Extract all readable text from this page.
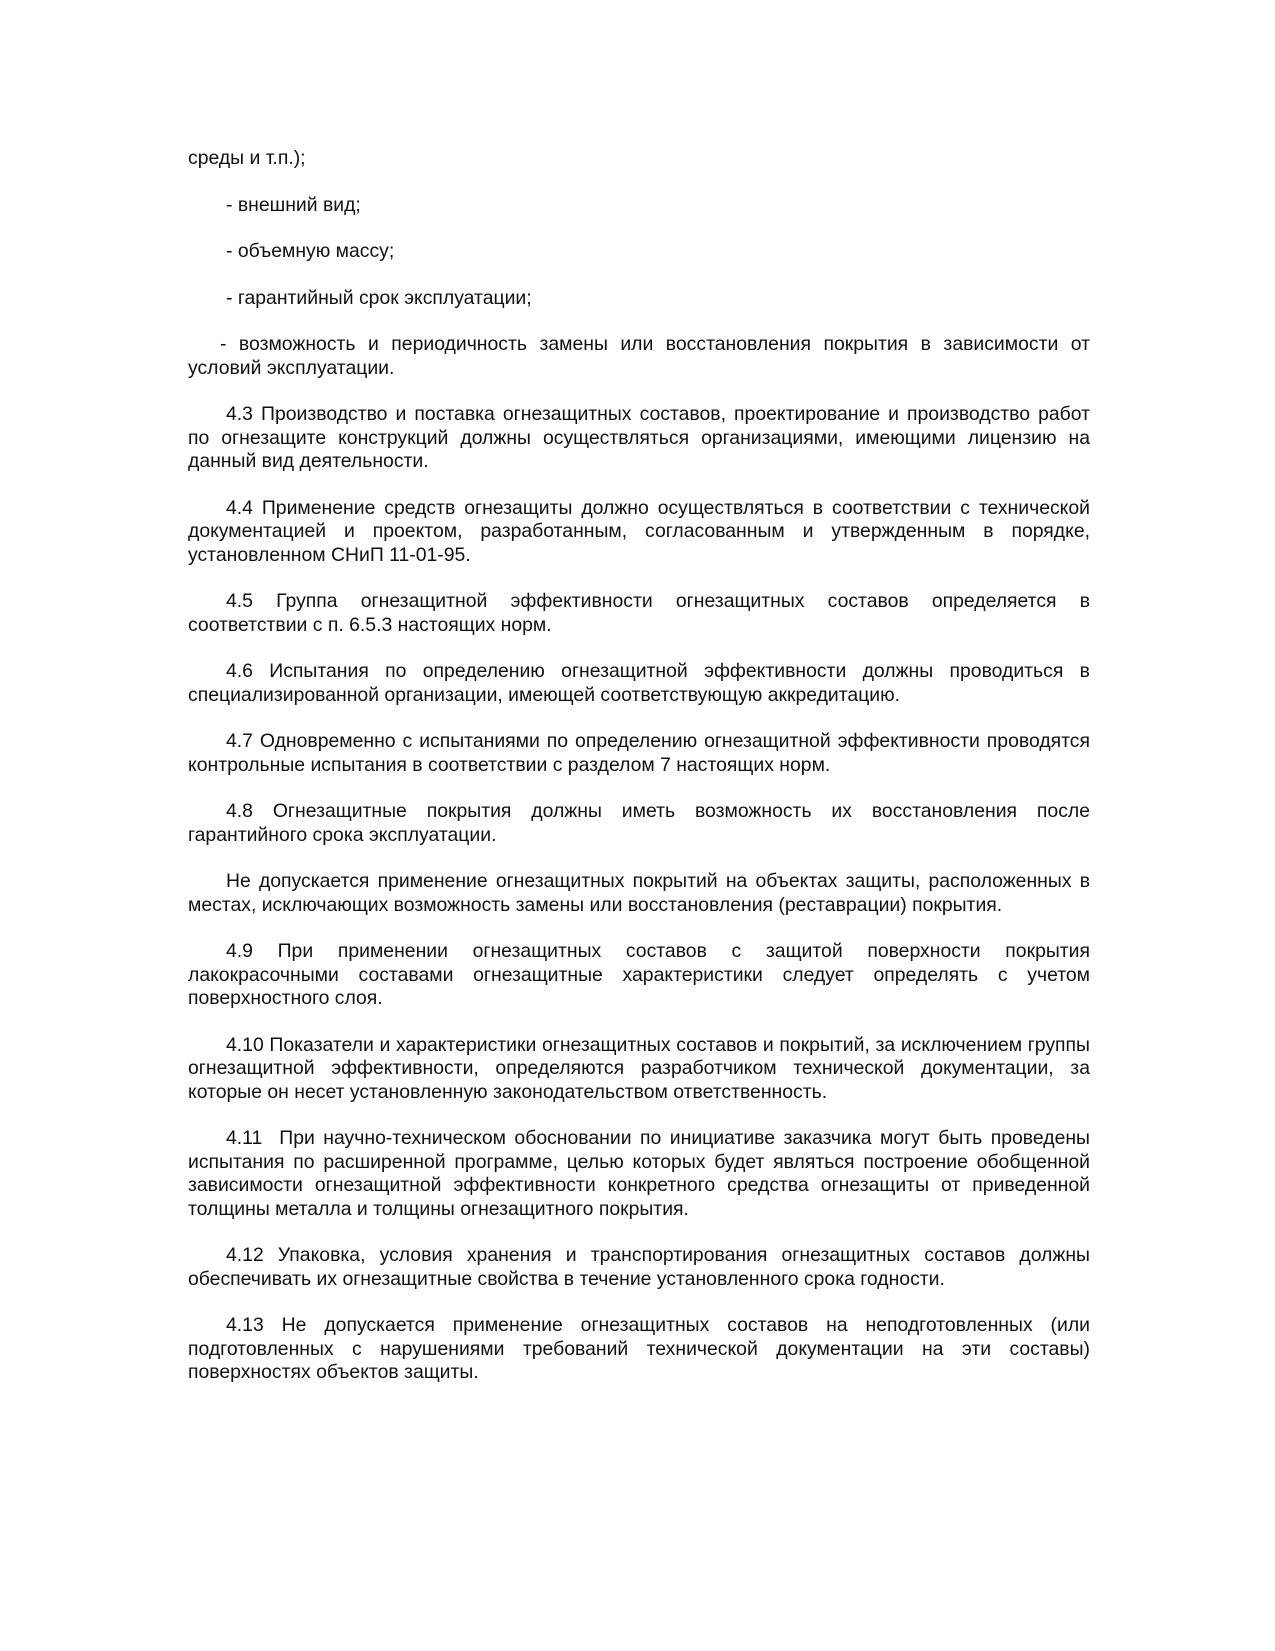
среды и т.п.);

- внешний вид;

- объемную массу;

- гарантийный срок эксплуатации;

- возможность и периодичность замены или восстановления покрытия в зависимости от условий эксплуатации.

4.3 Производство и поставка огнезащитных составов, проектирование и производство работ по огнезащите конструкций должны осуществляться организациями, имеющими лицензию на данный вид деятельности.

4.4 Применение средств огнезащиты должно осуществляться в соответствии с технической документацией и проектом, разработанным, согласованным и утвержденным в порядке, установленном СНиП 11-01-95.

4.5 Группа огнезащитной эффективности огнезащитных составов определяется в соответствии с п. 6.5.3 настоящих норм.

4.6 Испытания по определению огнезащитной эффективности должны проводиться в специализированной организации, имеющей соответствующую аккредитацию.

4.7 Одновременно с испытаниями по определению огнезащитной эффективности проводятся контрольные испытания в соответствии с разделом 7 настоящих норм.

4.8 Огнезащитные покрытия должны иметь возможность их восстановления после гарантийного срока эксплуатации.

Не допускается применение огнезащитных покрытий на объектах защиты, расположенных в местах, исключающих возможность замены или восстановления (реставрации) покрытия.

4.9 При применении огнезащитных составов с защитой поверхности покрытия лакокрасочными составами огнезащитные характеристики следует определять с учетом поверхностного слоя.

4.10 Показатели и характеристики огнезащитных составов и покрытий, за исключением группы огнезащитной эффективности, определяются разработчиком технической документации, за которые он несет установленную законодательством ответственность.

4.11  При научно-техническом обосновании по инициативе заказчика могут быть проведены испытания по расширенной программе, целью которых будет являться построение обобщенной зависимости огнезащитной эффективности конкретного средства огнезащиты от приведенной толщины металла и толщины огнезащитного покрытия.

4.12 Упаковка, условия хранения и транспортирования огнезащитных составов должны обеспечивать их огнезащитные свойства в течение установленного срока годности.

4.13 Не допускается применение огнезащитных составов на неподготовленных (или подготовленных с нарушениями требований технической документации на эти составы) поверхностях объектов защиты.
